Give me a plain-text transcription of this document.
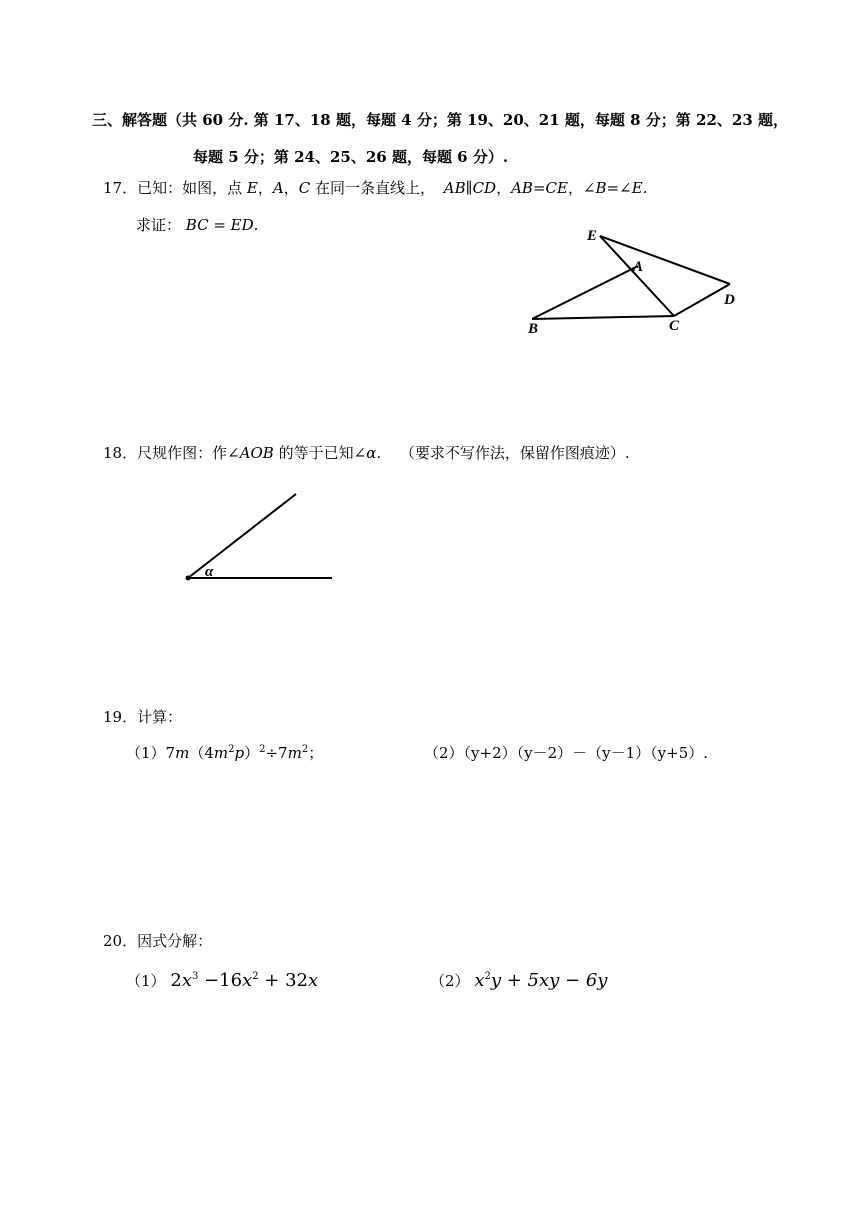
三、解答题（共 60 分. 第 17、18 题，每题 4 分；第 19、20、21 题，每题 8 分；第 22、23 题，
每题 5 分；第 24、25、26 题，每题 6 分）.
17．已知：如图，点 E，A，C 在同一条直线上， AB∥CD，AB=CE，∠B=∠E.
求证： BC = ED.
E
A
D
B	C
18．尺规作图：作∠AOB 的等于已知∠α. （要求不写作法，保留作图痕迹）.
α
19．计算：
$(1)7m(4m^2p)^2\div 7m^2$；	（2）（y+2）（y－2）－（y－1）（y+5）.
20．因式分解：
（1） $2x^3 -16x^2 + 32x$	（2） $x^2y + 5xy - 6y$
